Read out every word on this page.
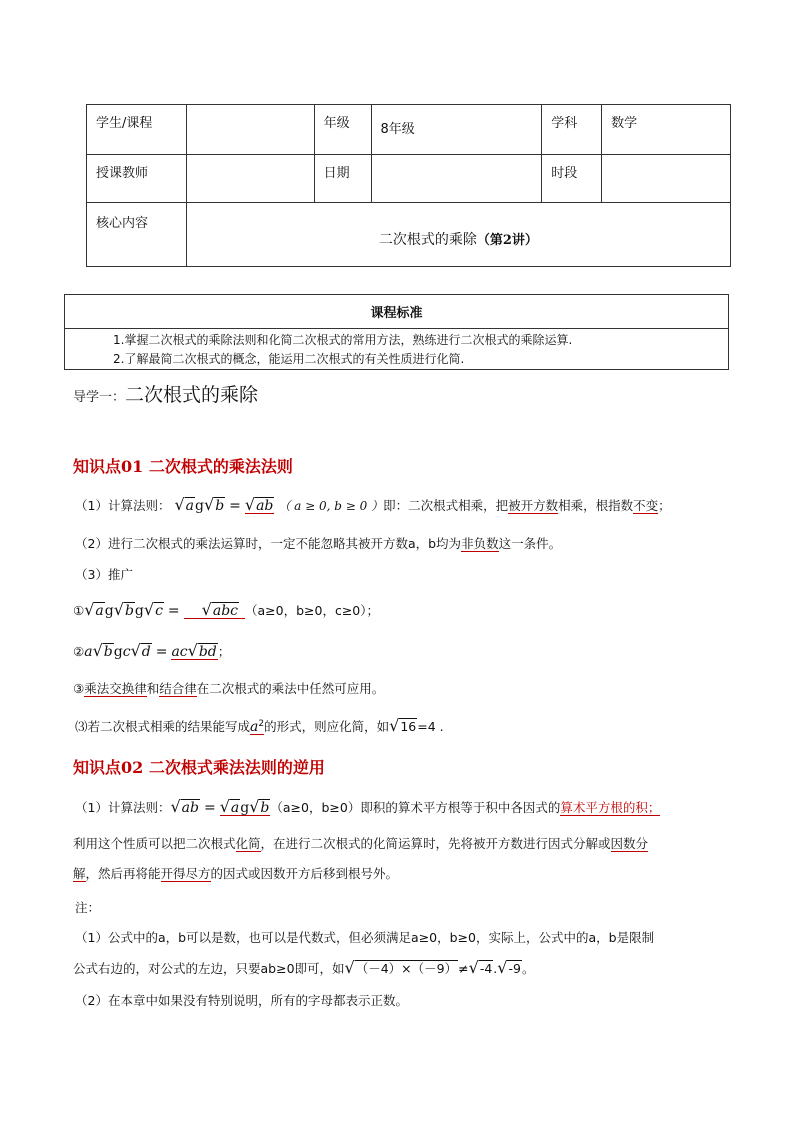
学生/课程		年级	8年级	学科	数学
授课教师		日期		时段	
核心内容	二次根式的乘除（第2讲）				
课程标准

1.掌握二次根式的乘除法则和化简二次根式的常用方法，熟练进行二次根式的乘除运算.
2.了解最简二次根式的概念，能运用二次根式的有关性质进行化简.
导学一：二次根式的乘除
知识点01 二次根式的乘法法则
（1）计算法则： √ag√b = √ab （ a ≥ 0, b ≥ 0 ）即：二次根式相乘，把被开方数相乘，根指数不变；
（2）进行二次根式的乘法运算时，一定不能忽略其被开方数a，b均为非负数这一条件。
（3）推广
①√ag√bg√c = √abc （a≥0，b≥0，c≥0）；
②a√bgc√d = ac√bd；
③乘法交换律和结合律在二次根式的乘法中任然可应用。
⑶若二次根式相乘的结果能写成$a^2$的形式，则应化简，如√16=4 .
知识点02 二次根式乘法法则的逆用
（1）计算法则：√ab = √ag√b（a≥0，b≥0）即积的算术平方根等于积中各因式的算术平方根的积；
利用这个性质可以把二次根式化简，在进行二次根式的化简运算时，先将被开方数进行因式分解或因数分
解，然后再将能开得尽方的因式或因数开方后移到根号外。
注：
（1）公式中的a，b可以是数，也可以是代数式，但必须满足a≥0，b≥0，实际上，公式中的a，b是限制
公式右边的，对公式的左边，只要ab≥0即可，如√（－4）×（－9）≠√-4.√-9。
（2）在本章中如果没有特别说明，所有的字母都表示正数。
